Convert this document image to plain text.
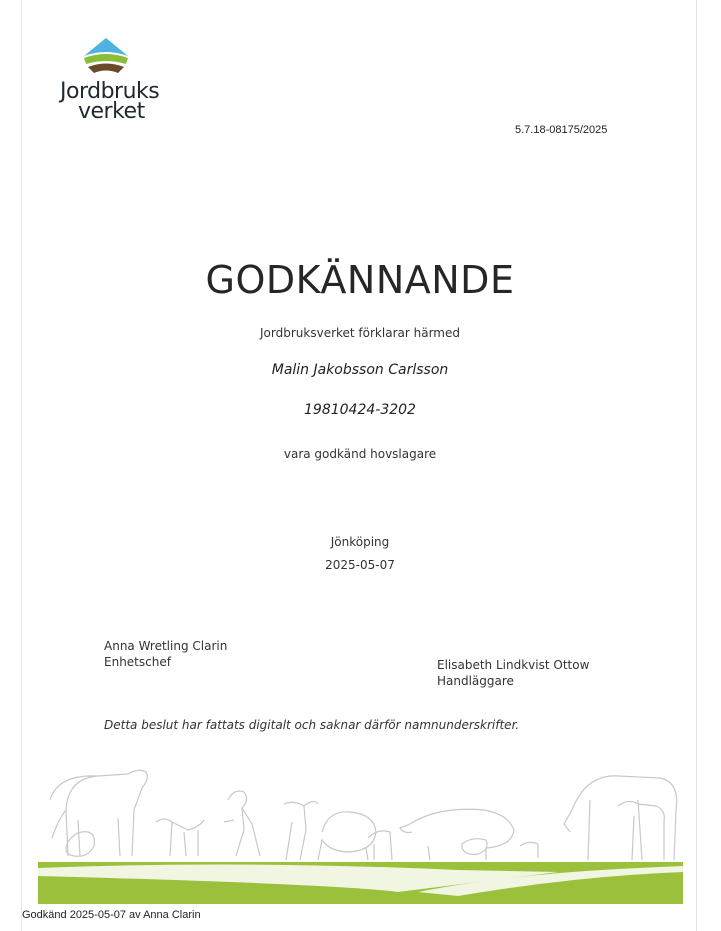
Jordbruks
verket
5.7.18-08175/2025
GODKÄNNANDE
Jordbruksverket förklarar härmed
Malin Jakobsson Carlsson
19810424-3202
vara godkänd hovslagare
Jönköping
2025-05-07
Anna Wretling Clarin
Enhetschef	Elisabeth Lindkvist Ottow
Handläggare
Detta beslut har fattats digitalt och saknar därför namnunderskrifter.
Godkänd 2025-05-07 av Anna Clarin
